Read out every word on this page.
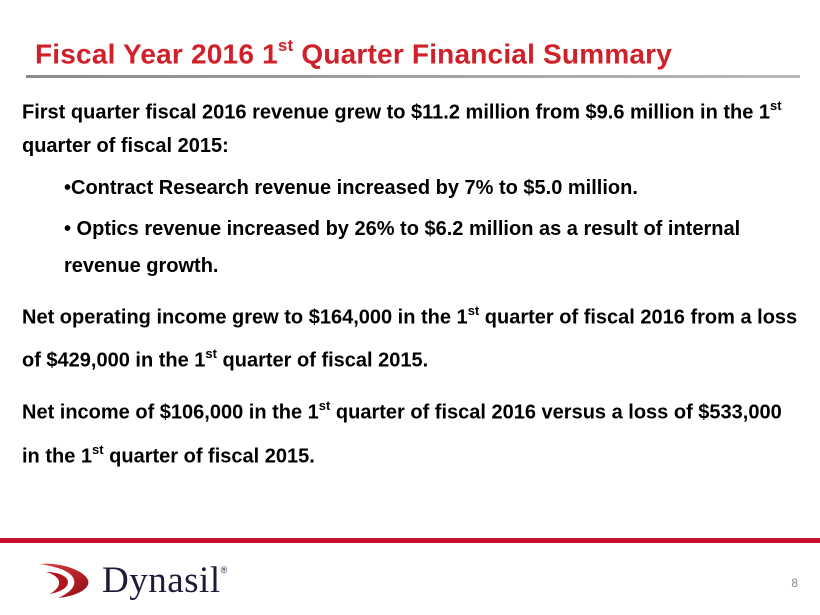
Fiscal Year 2016 1st Quarter Financial Summary

First quarter fiscal 2016 revenue grew to $11.2 million from $9.6 million in the 1st quarter of fiscal 2015:

•Contract Research revenue increased by 7% to $5.0 million.

• Optics revenue increased by 26% to $6.2 million as a result of internal revenue growth.

Net operating income grew to $164,000 in the 1st quarter of fiscal 2016 from a loss of $429,000 in the 1st quarter of fiscal 2015.

Net income of $106,000 in the 1st quarter of fiscal 2016 versus a loss of $533,000 in the 1st quarter of fiscal 2015.

Dynasil®
8
